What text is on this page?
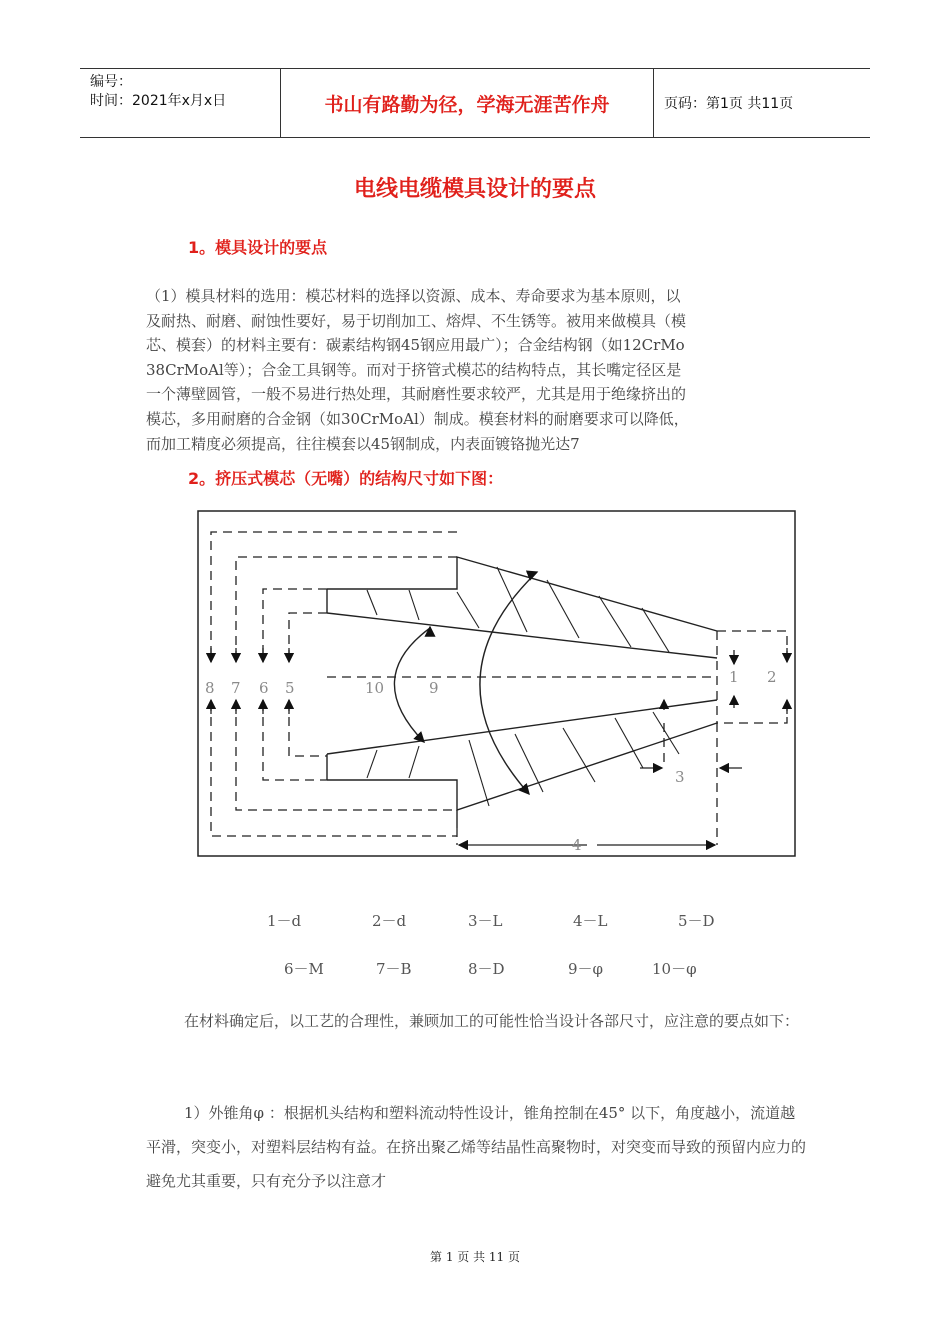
编号：
时间：2021年x月x日	书山有路勤为径，学海无涯苦作舟	页码：第1页 共11页
电线电缆模具设计的要点
1。模具设计的要点
（1）模具材料的选用：模芯材料的选择以资源、成本、寿命要求为基本原则，以
及耐热、耐磨、耐蚀性要好，易于切削加工、熔焊、不生锈等。被用来做模具（模
芯、模套）的材料主要有：碳素结构钢45钢应用最广）；合金结构钢（如12CrMo
38CrMoAl等）；合金工具钢等。而对于挤管式模芯的结构特点，其长嘴定径区是
一个薄壁圆管，一般不易进行热处理，其耐磨性要求较严，尤其是用于绝缘挤出的
模芯，多用耐磨的合金钢（如30CrMoAl）制成。模套材料的耐磨要求可以降低，
而加工精度必须提高，往往模套以45钢制成，内表面镀铬抛光达7
2。挤压式模芯（无嘴）的结构尺寸如下图：
8 7 6 5	10	9
1 2
3
4
1－d	2－d	3－L	4－L	5－D
6－M	7－B	8－D	9－φ	10－φ
在材料确定后，以工艺的合理性，兼顾加工的可能性恰当设计各部尺寸，应注意的要点如下：
1）外锥角φ ：根据机头结构和塑料流动特性设计，锥角控制在45° 以下，角度越小，流道越平滑，突变小，对塑料层结构有益。在挤出聚乙烯等结晶性高聚物时，对突变而导致的预留内应力的避免尤其重要，只有充分予以注意才
第 1 页 共 11 页
